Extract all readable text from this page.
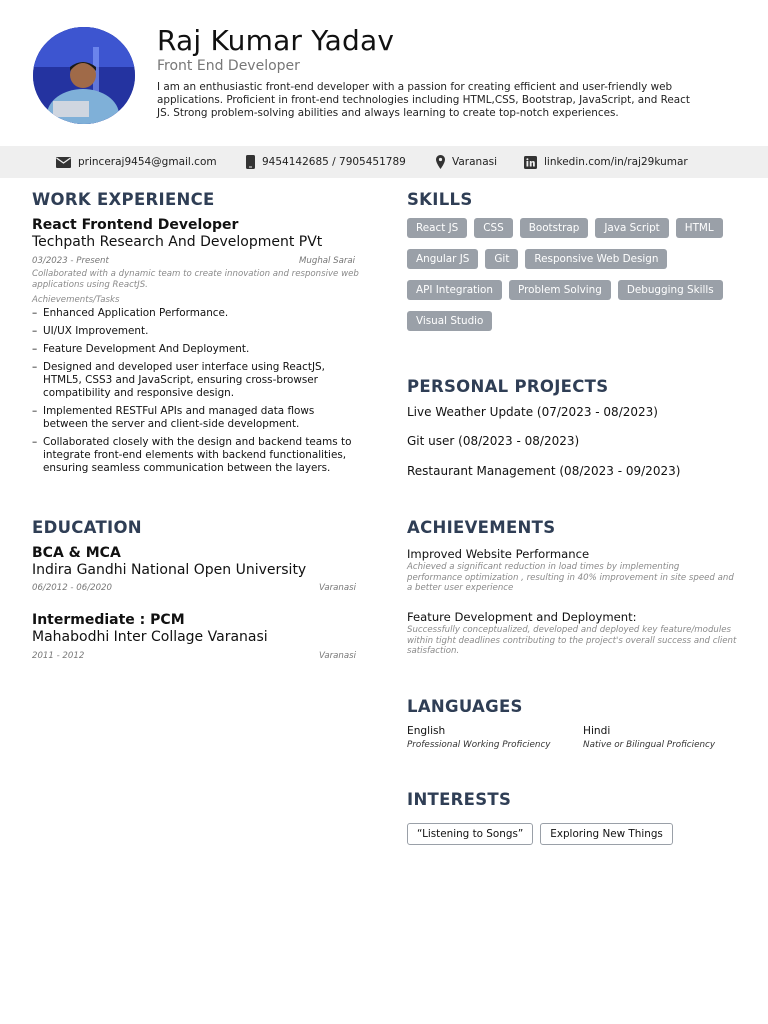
Raj Kumar Yadav
Front End Developer
I am an enthusiastic front-end developer with a passion for creating efficient and user-friendly web applications. Proficient in front-end technologies including HTML,CSS, Bootstrap, JavaScript, and React JS. Strong problem-solving abilities and always learning to create top-notch experiences.
princeraj9454@gmail.com	9454142685 / 7905451789	Varanasi	linkedin.com/in/raj29kumar
WORK EXPERIENCE
React Frontend Developer
Techpath Research And Development PVt
03/2023 - Present	Mughal Sarai
Collaborated with a dynamic team to create innovation and responsive web applications using ReactJS.
Achievements/Tasks
– Enhanced Application Performance.
– UI/UX Improvement.
– Feature Development And Deployment.
– Designed and developed user interface using ReactJS, HTML5, CSS3 and JavaScript, ensuring cross-browser compatibility and responsive design.
– Implemented RESTFul APIs and managed data flows between the server and client-side development.
– Collaborated closely with the design and backend teams to integrate front-end elements with backend functionalities, ensuring seamless communication between the layers.
EDUCATION
BCA & MCA
Indira Gandhi National Open University
06/2012 - 06/2020	Varanasi
Intermediate : PCM
Mahabodhi Inter Collage Varanasi
2011 - 2012	Varanasi
SKILLS
React JS	CSS	Bootstrap	Java Script	HTML
Angular JS	Git	Responsive Web Design
API Integration	Problem Solving	Debugging Skills
Visual Studio
PERSONAL PROJECTS
Live Weather Update (07/2023 - 08/2023)
Git user (08/2023 - 08/2023)
Restaurant Management (08/2023 - 09/2023)
ACHIEVEMENTS
Improved Website Performance
Achieved a significant reduction in load times by implementing performance optimization , resulting in 40% improvement in site speed and a better user experience
Feature Development and Deployment:
Successfully conceptualized, developed and deployed key feature/modules within tight deadlines contributing to the project's overall success and client satisfaction.
LANGUAGES
English
Professional Working Proficiency
Hindi
Native or Bilingual Proficiency
INTERESTS
“Listening to Songs”	Exploring New Things
